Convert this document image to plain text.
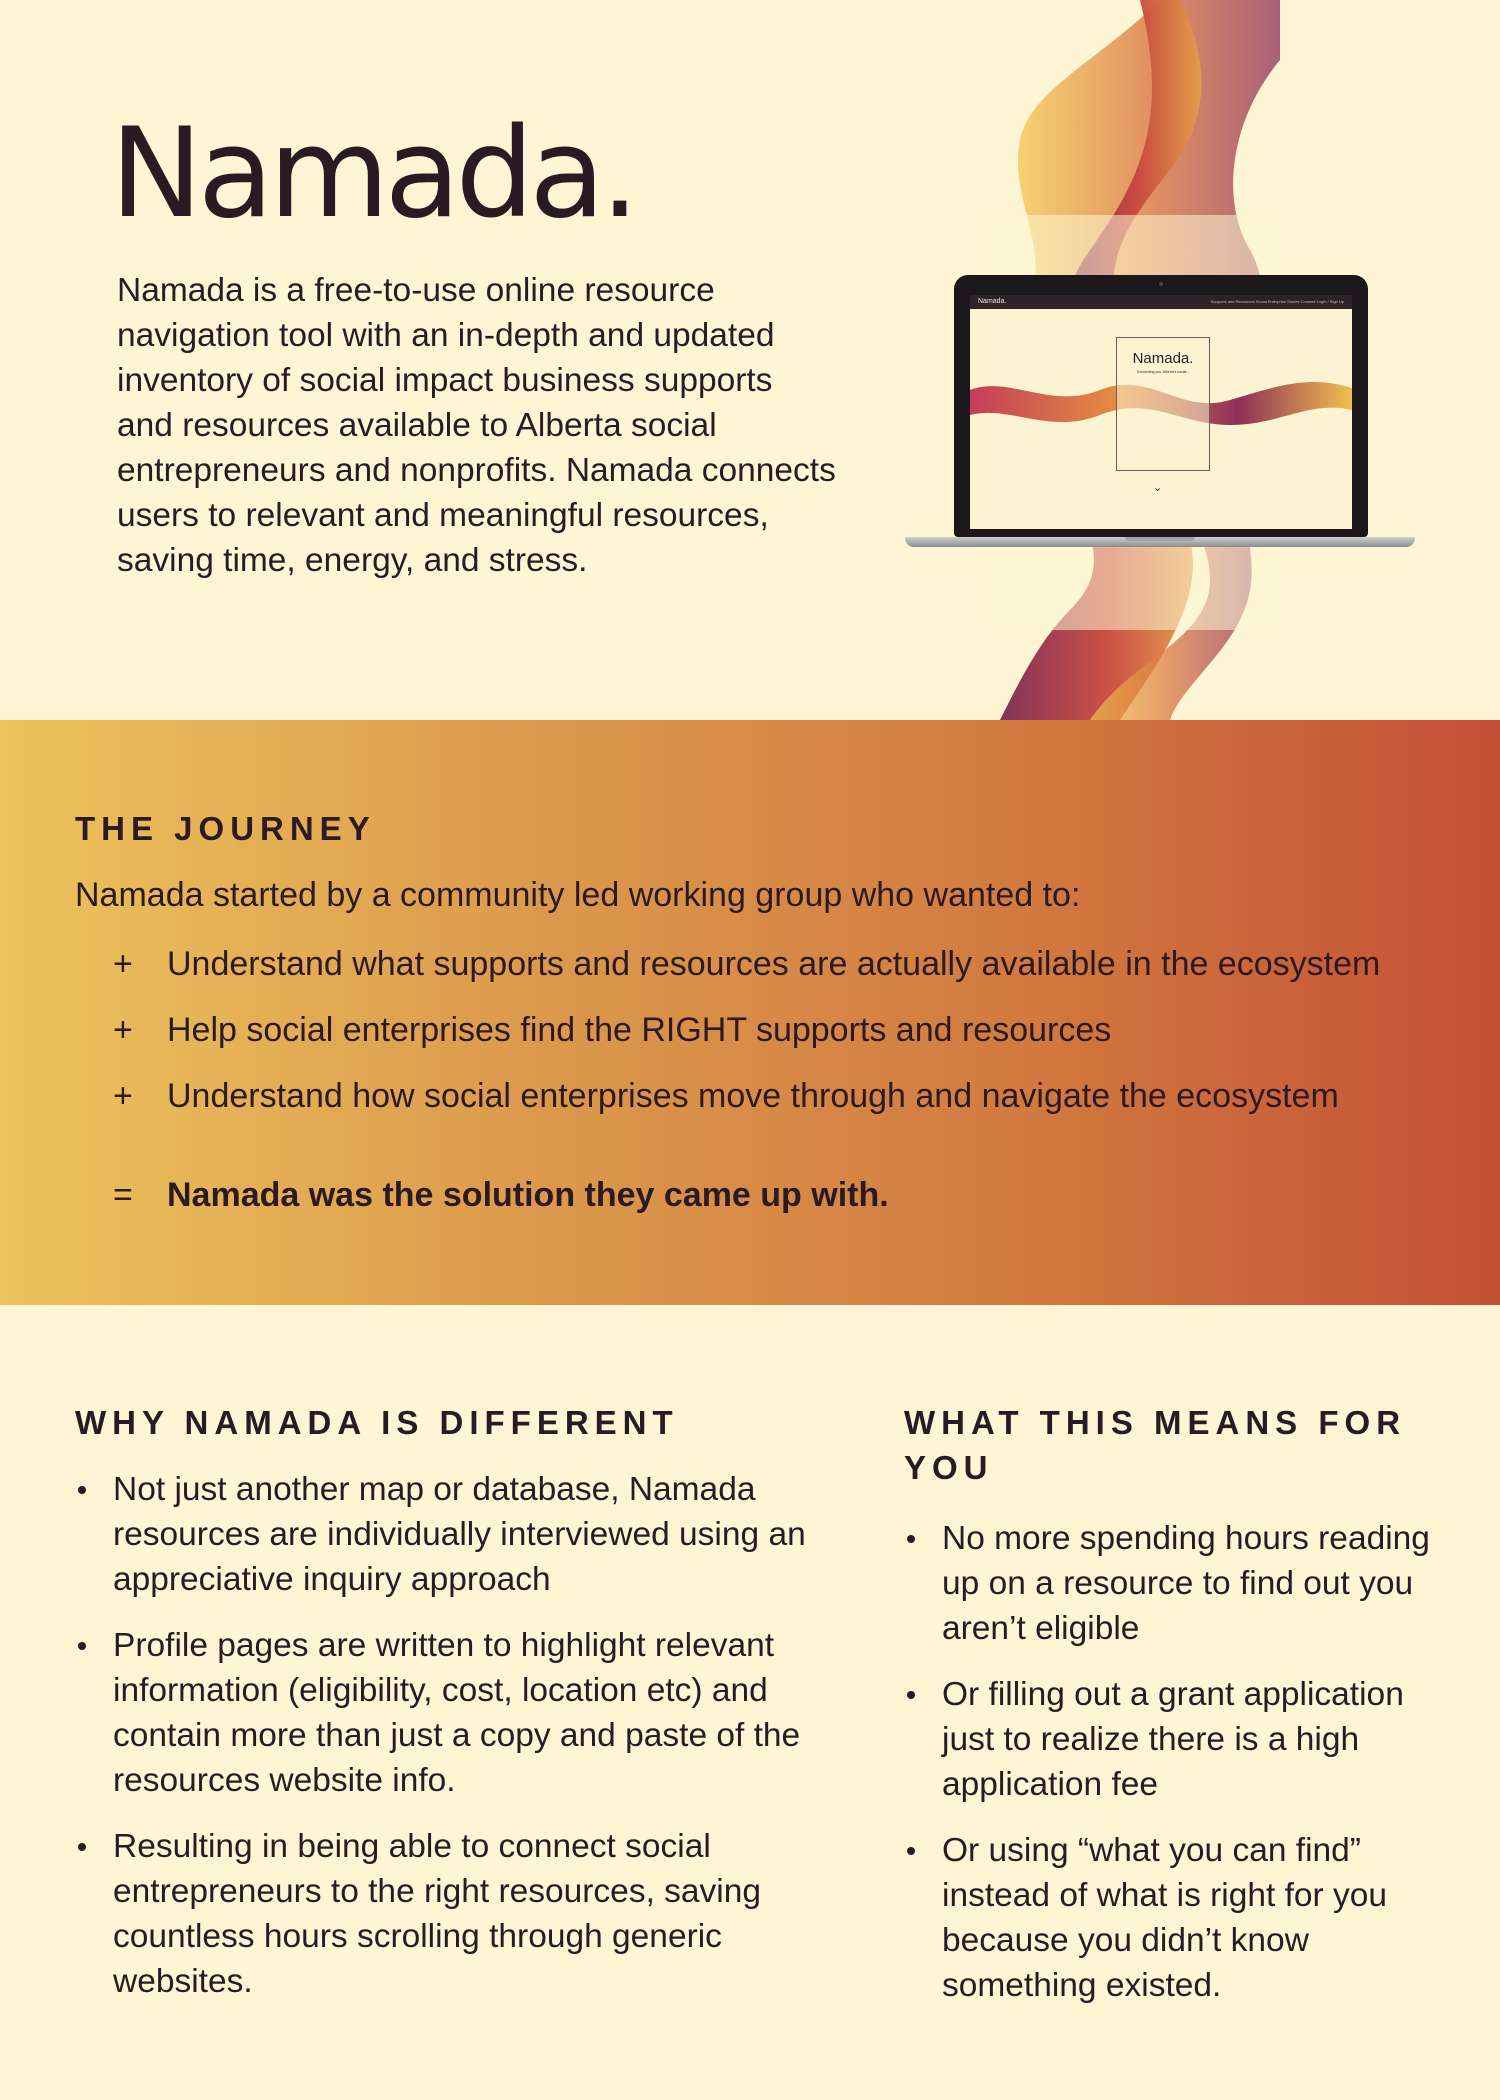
Namada.

Namada is a free-to-use online resource navigation tool with an in-depth and updated inventory of social impact business supports and resources available to Alberta social entrepreneurs and nonprofits. Namada connects users to relevant and meaningful resources, saving time, energy, and stress.

Namada.	Supports and Resources Social Enterprise Stories Connect Login / Sign Up
Namada.
Connecting you, Alberta's social...
⌄
THE JOURNEY

Namada started by a community led working group who wanted to:

+ Understand what supports and resources are actually available in the ecosystem
+ Help social enterprises find the RIGHT supports and resources
+ Understand how social enterprises move through and navigate the ecosystem
= Namada was the solution they came up with.
WHY NAMADA IS DIFFERENT
Not just another map or database, Namada resources are individually interviewed using an appreciative inquiry approach
Profile pages are written to highlight relevant information (eligibility, cost, location etc) and contain more than just a copy and paste of the resources website info.
Resulting in being able to connect social entrepreneurs to the right resources, saving countless hours scrolling through generic websites.
WHAT THIS MEANS FOR YOU
No more spending hours reading up on a resource to find out you aren’t eligible
Or filling out a grant application just to realize there is a high application fee
Or using “what you can find” instead of what is right for you because you didn’t know something existed.
